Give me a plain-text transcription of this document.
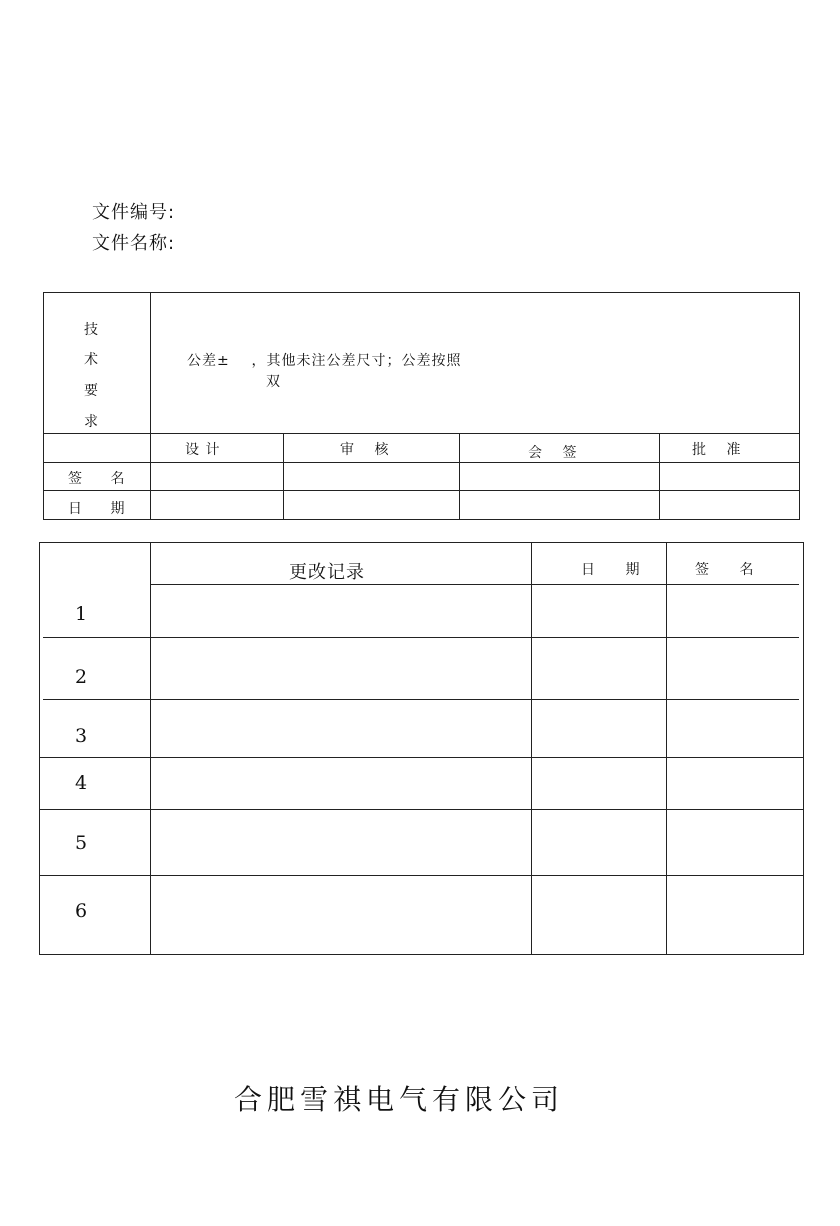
文件编号:
文件名称:
技
术
要
求
公差±    ，其他未注公差尺寸；公差按照
双
设 计	审 核	会 签	批 准
签 名
日 期
更改记录	日 期	签 名
1
2
3
4
5
6
合肥雪祺电气有限公司
